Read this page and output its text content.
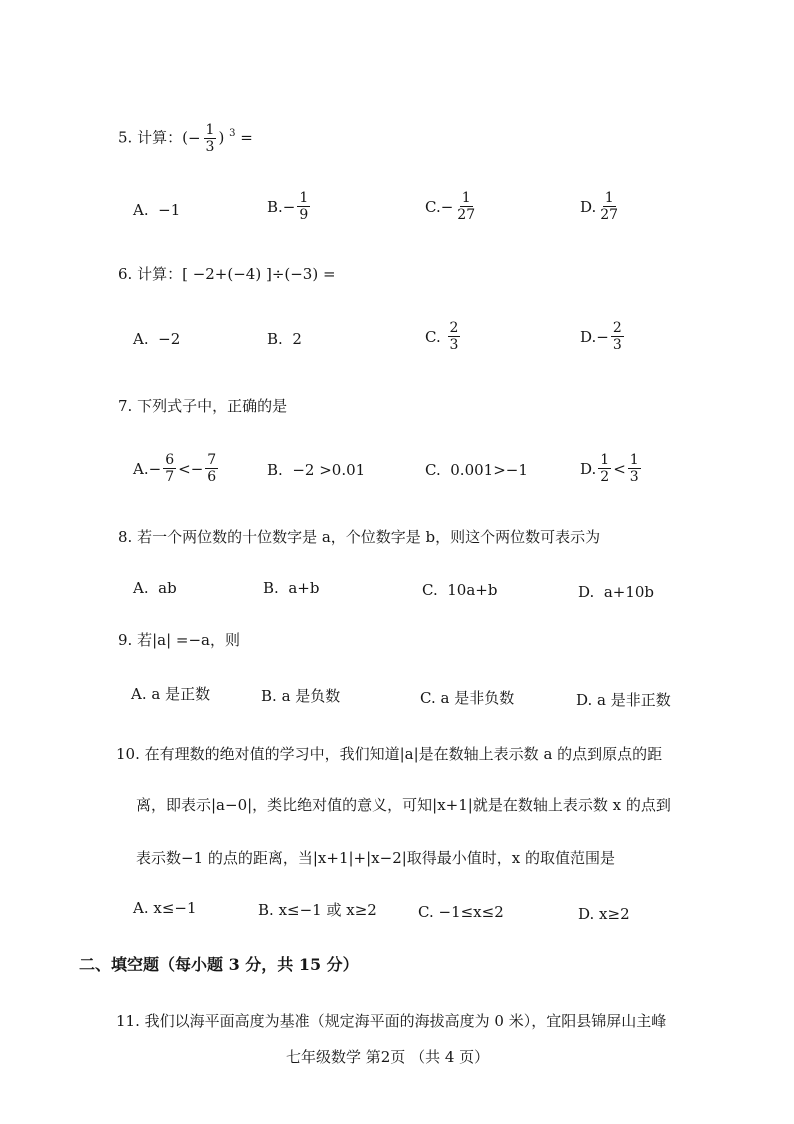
5. 计算：(− $\frac{1}{3}$ ) $^3$ =
A.
−1	B. − $\frac{1}{9}$	C. − $\frac{1}{27}$	D. $\frac{1}{27}$
6. 计算：[ −2+(−4) ]÷(−3) =
A.
−2	B.
2	C.
$\frac{2}{3}$	D. − $\frac{2}{3}$
7. 下列式子中，正确的是
A. − $\frac{6}{7}$ < − $\frac{7}{6}$	B.
−2 >0.01	C.
0.001>−1	D. $\frac{1}{2} < \frac{1}{3}$
8. 若一个两位数的十位数字是 a，个位数字是 b，则这个两位数可表示为
A.
ab	B.
a+b	C.
10a+b	D.
a+10b
9. 若|a| =−a，则
A.
a 是正数	B.
a 是负数	C.
a 是非负数	D.
a 是非正数
10. 在有理数的绝对值的学习中，我们知道|a|是在数轴上表示数 a 的点到原点的距
离，即表示|a−0|，类比绝对值的意义，可知|x+1|就是在数轴上表示数 x 的点到
表示数−1 的点的距离，当|x+1|+|x−2|取得最小值时，x 的取值范围是
A.
x≤−1	B.
x≤−1 或 x≥2	C.
−1≤x≤2	D.
x≥2
二、填空题（每小题 3 分，共 15 分）
11. 我们以海平面高度为基准（规定海平面的海拔高度为 0 米），宜阳县锦屏山主峰
七年级数学 第2页 （共 4 页）
